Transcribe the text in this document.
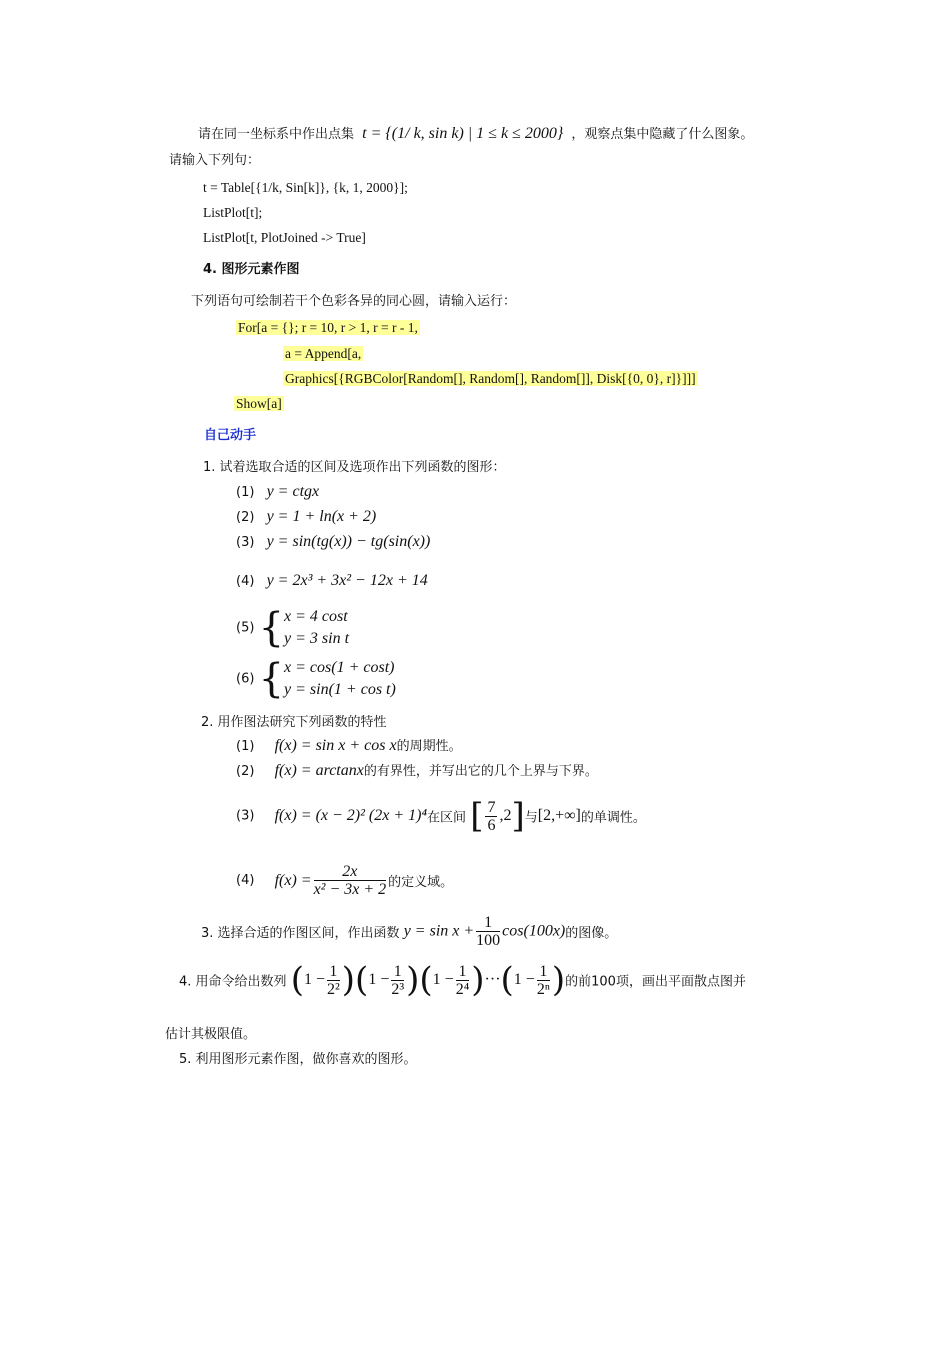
请在同一坐标系中作出点集 t = {(1/ k, sin k) | 1 ≤ k ≤ 2000} ，观察点集中隐藏了什么图象。
请输入下列句：
t = Table[{1/k, Sin[k]}, {k, 1, 2000}];
ListPlot[t];
ListPlot[t, PlotJoined -> True]
4. 图形元素作图
下列语句可绘制若干个色彩各异的同心圆，请输入运行：
For[a = {}; r = 10, r > 1, r = r - 1,
a = Append[a,
Graphics[{RGBColor[Random[], Random[], Random[]], Disk[{0, 0}, r]}]]]
Show[a]
自己动手
1. 试着选取合适的区间及选项作出下列函数的图形：
(1) y = ctgx
(2) y = 1 + ln(x + 2)
(3) y = sin(tg(x)) − tg(sin(x))
(4) y = 2x³ + 3x² − 12x + 14
(5) { x = 4 cost
y = 3 sin t
(6) { x = cos(1 + cost)
y = sin(1 + cos t)
2. 用作图法研究下列函数的特性
(1) f(x) = sin x + cos x的周期性。
(2) f(x) = arctanx的有界性，并写出它的几个上界与下界。
(3) f(x) = (x − 2)² (2x + 1)⁴在区间 [ $\frac{7}{6} ,2$]与[2,+∞]的单调性。
(4) $f(x) = \frac{2x}{\text{x² − 3x + 2}}$ 的定义域。
3. 选择合适的作图区间，作出函数 $y = \sin x + \frac{1}{100} \cos(100x)$的图像。
4. 用命令给出数列 $(1 - \frac{1}{\text{2²}} )(1 - \frac{1}{\text{2³}} )(1 - \frac{1}{\text{2⁴}} )\cdot\cdot\cdot(1 - \frac{1}{\text{2ⁿ}}$ )的前100项，画出平面散点图并
估计其极限值。
5. 利用图形元素作图，做你喜欢的图形。
